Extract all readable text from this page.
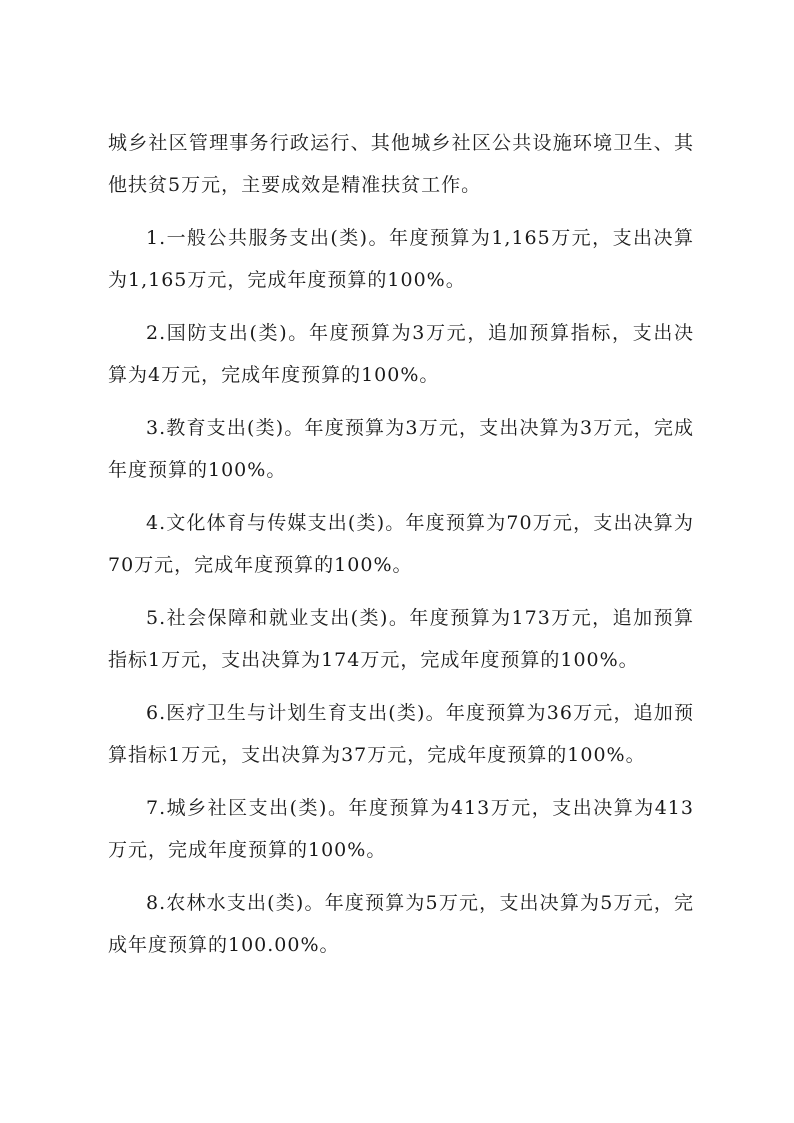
城乡社区管理事务行政运行、其他城乡社区公共设施环境卫生、其他扶贫5万元，主要成效是精准扶贫工作。

1.一般公共服务支出(类)。年度预算为1,165万元，支出决算为1,165万元，完成年度预算的100%。

2.国防支出(类)。年度预算为3万元，追加预算指标，支出决算为4万元，完成年度预算的100%。

3.教育支出(类)。年度预算为3万元，支出决算为3万元，完成年度预算的100%。

4.文化体育与传媒支出(类)。年度预算为70万元，支出决算为70万元，完成年度预算的100%。

5.社会保障和就业支出(类)。年度预算为173万元，追加预算指标1万元，支出决算为174万元，完成年度预算的100%。

6.医疗卫生与计划生育支出(类)。年度预算为36万元，追加预算指标1万元，支出决算为37万元，完成年度预算的100%。

7.城乡社区支出(类)。年度预算为413万元，支出决算为413万元，完成年度预算的100%。

8.农林水支出(类)。年度预算为5万元，支出决算为5万元，完成年度预算的100.00%。
